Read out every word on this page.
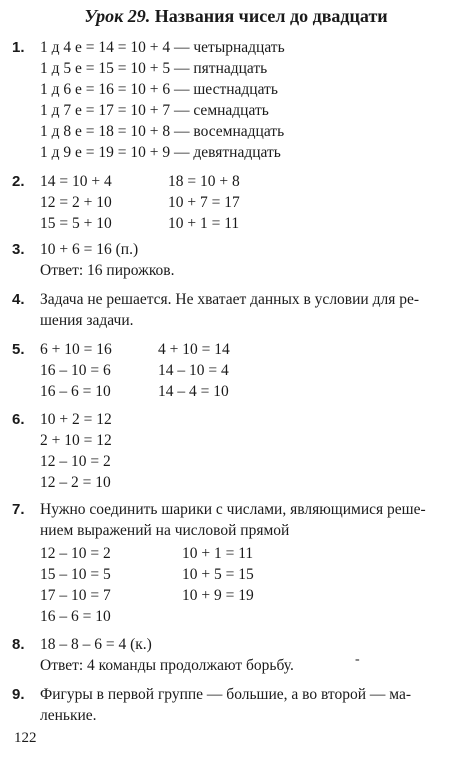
Урок 29. Названия чисел до двадцати
1. 1 д 4 е = 14 = 10 + 4 — четырнадцать
1 д 5 е = 15 = 10 + 5 — пятнадцать
1 д 6 е = 16 = 10 + 6 — шестнадцать
1 д 7 е = 17 = 10 + 7 — семнадцать
1 д 8 е = 18 = 10 + 8 — восемнадцать
1 д 9 е = 19 = 10 + 9 — девятнадцать
2. 14 = 10 + 4
12 = 2 + 10
15 = 5 + 10
18 = 10 + 8
10 + 7 = 17
10 + 1 = 11
3. 10 + 6 = 16 (п.)
Ответ: 16 пирожков.
4. Задача не решается. Не хватает данных в условии для ре-
шения задачи.
5. 6 + 10 = 16
16 – 10 = 6
16 – 6 = 10
4 + 10 = 14
14 – 10 = 4
14 – 4 = 10
6. 10 + 2 = 12
2 + 10 = 12
12 – 10 = 2
12 – 2 = 10
7. Нужно соединить шарики с числами, являющимися реше-
нием выражений на числовой прямой
12 – 10 = 2
15 – 10 = 5
17 – 10 = 7
16 – 6 = 10
10 + 1 = 11
10 + 5 = 15
10 + 9 = 19
8. 18 – 8 – 6 = 4 (к.)
Ответ: 4 команды продолжают борьбу.	-
9. Фигуры в первой группе — большие, а во второй — ма-
ленькие.
122
